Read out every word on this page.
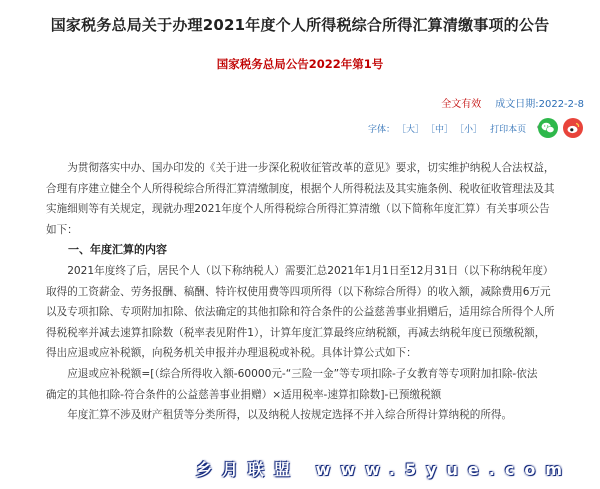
国家税务总局关于办理2021年度个人所得税综合所得汇算清缴事项的公告
国家税务总局公告2022年第1号
全文有效 成文日期:2022-2-8
字体： ［大］ ［中］ ［小］ 打印本页

为贯彻落实中办、国办印发的《关于进一步深化税收征管改革的意见》要求，切实维护纳税人合法权益，

合理有序建立健全个人所得税综合所得汇算清缴制度，根据个人所得税法及其实施条例、税收征收管理法及其

实施细则等有关规定，现就办理2021年度个人所得税综合所得汇算清缴（以下简称年度汇算）有关事项公告

如下：

一、年度汇算的内容

2021年度终了后，居民个人（以下称纳税人）需要汇总2021年1月1日至12月31日（以下称纳税年度）

取得的工资薪金、劳务报酬、稿酬、特许权使用费等四项所得（以下称综合所得）的收入额，减除费用6万元

以及专项扣除、专项附加扣除、依法确定的其他扣除和符合条件的公益慈善事业捐赠后，适用综合所得个人所

得税税率并减去速算扣除数（税率表见附件1），计算年度汇算最终应纳税额，再减去纳税年度已预缴税额，

得出应退或应补税额，向税务机关申报并办理退税或补税。具体计算公式如下：

应退或应补税额=[（综合所得收入额-60000元-“三险一金”等专项扣除-子女教育等专项附加扣除-依法

确定的其他扣除-符合条件的公益慈善事业捐赠）×适用税率-速算扣除数]-已预缴税额

年度汇算不涉及财产租赁等分类所得，以及纳税人按规定选择不并入综合所得计算纳税的所得。

乡月联盟 www.5yue.com
